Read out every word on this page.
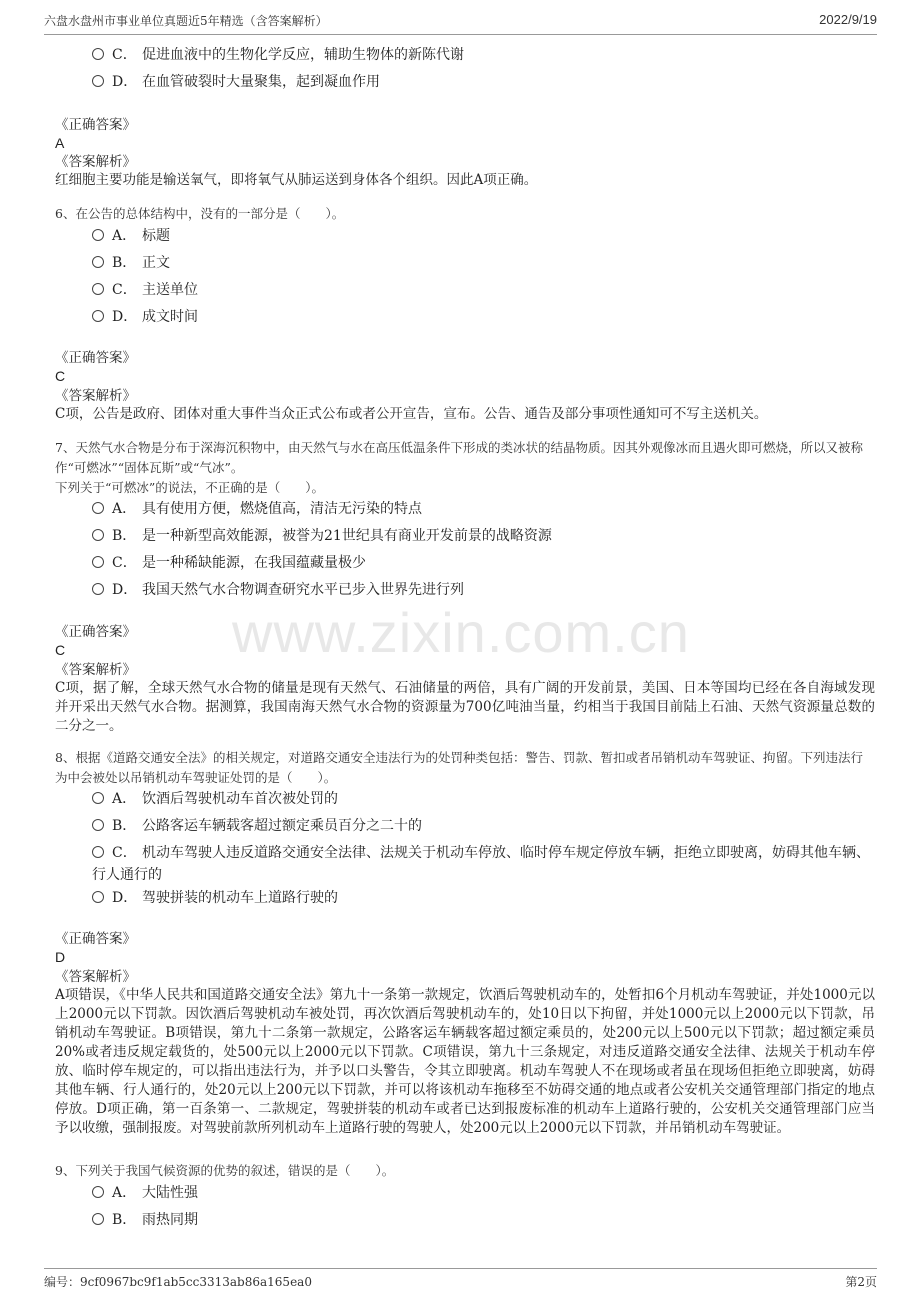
六盘水盘州市事业单位真题近5年精选（含答案解析）	2022/9/19
www.zixin.com.cn
C． 促进血液中的生物化学反应，辅助生物体的新陈代谢
D． 在血管破裂时大量聚集，起到凝血作用
《正确答案》
A
《答案解析》
红细胞主要功能是输送氧气，即将氧气从肺运送到身体各个组织。因此A项正确。
6、在公告的总体结构中，没有的一部分是（　　）。
A． 标题
B． 正文
C． 主送单位
D． 成文时间
《正确答案》
C
《答案解析》
C项，公告是政府、团体对重大事件当众正式公布或者公开宣告，宣布。公告、通告及部分事项性通知可不写主送机关。
7、天然气水合物是分布于深海沉积物中，由天然气与水在高压低温条件下形成的类冰状的结晶物质。因其外观像冰而且遇火即可燃烧，所以又被称作“可燃冰”“固体瓦斯”或“气冰”。
下列关于“可燃冰”的说法，不正确的是（　　）。
A． 具有使用方便，燃烧值高，清洁无污染的特点
B． 是一种新型高效能源，被誉为21世纪具有商业开发前景的战略资源
C． 是一种稀缺能源，在我国蕴藏量极少
D． 我国天然气水合物调查研究水平已步入世界先进行列
《正确答案》
C
《答案解析》
C项，据了解，全球天然气水合物的储量是现有天然气、石油储量的两倍，具有广阔的开发前景，美国、日本等国均已经在各自海域发现并开采出天然气水合物。据测算，我国南海天然气水合物的资源量为700亿吨油当量，约相当于我国目前陆上石油、天然气资源量总数的二分之一。
8、根据《道路交通安全法》的相关规定，对道路交通安全违法行为的处罚种类包括：警告、罚款、暂扣或者吊销机动车驾驶证、拘留。下列违法行为中会被处以吊销机动车驾驶证处罚的是（　　）。
A． 饮酒后驾驶机动车首次被处罚的
B． 公路客运车辆载客超过额定乘员百分之二十的
C． 机动车驾驶人违反道路交通安全法律、法规关于机动车停放、临时停车规定停放车辆，拒绝立即驶离，妨碍其他车辆、行人通行的
D． 驾驶拼装的机动车上道路行驶的
《正确答案》
D
《答案解析》
A项错误，《中华人民共和国道路交通安全法》第九十一条第一款规定，饮酒后驾驶机动车的，处暂扣6个月机动车驾驶证，并处1000元以上2000元以下罚款。因饮酒后驾驶机动车被处罚，再次饮酒后驾驶机动车的，处10日以下拘留，并处1000元以上2000元以下罚款，吊销机动车驾驶证。B项错误，第九十二条第一款规定，公路客运车辆载客超过额定乘员的，处200元以上500元以下罚款；超过额定乘员20%或者违反规定载货的，处500元以上2000元以下罚款。C项错误，第九十三条规定，对违反道路交通安全法律、法规关于机动车停放、临时停车规定的，可以指出违法行为，并予以口头警告，令其立即驶离。机动车驾驶人不在现场或者虽在现场但拒绝立即驶离，妨碍其他车辆、行人通行的，处20元以上200元以下罚款，并可以将该机动车拖移至不妨碍交通的地点或者公安机关交通管理部门指定的地点停放。D项正确，第一百条第一、二款规定，驾驶拼装的机动车或者已达到报废标准的机动车上道路行驶的，公安机关交通管理部门应当予以收缴，强制报废。对驾驶前款所列机动车上道路行驶的驾驶人，处200元以上2000元以下罚款，并吊销机动车驾驶证。
9、下列关于我国气候资源的优势的叙述，错误的是（　　）。
A． 大陆性强
B． 雨热同期
编号：9cf0967bc9f1ab5cc3313ab86a165ea0	第2页
